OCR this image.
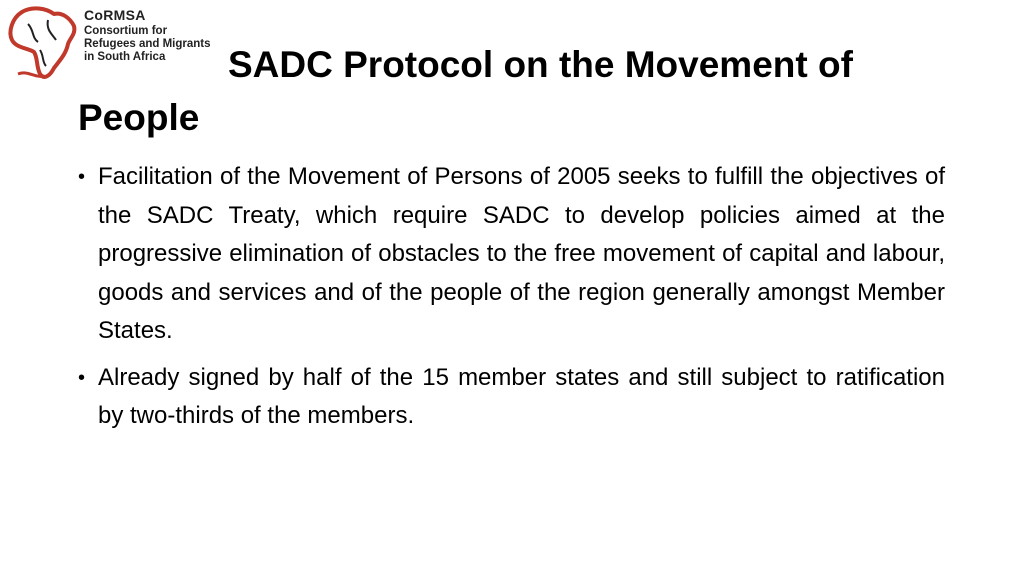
CoRMSA
Consortium for
Refugees and Migrants
in South Africa	SADC Protocol on the Movement of
People
• Facilitation of the Movement of Persons of 2005 seeks to fulfill the objectives of the SADC Treaty, which require SADC to develop policies aimed at the progressive elimination of obstacles to the free movement of capital and labour, goods and services and of the people of the region generally amongst Member States.
• Already signed by half of the 15 member states and still subject to ratification by two-thirds of the members.
